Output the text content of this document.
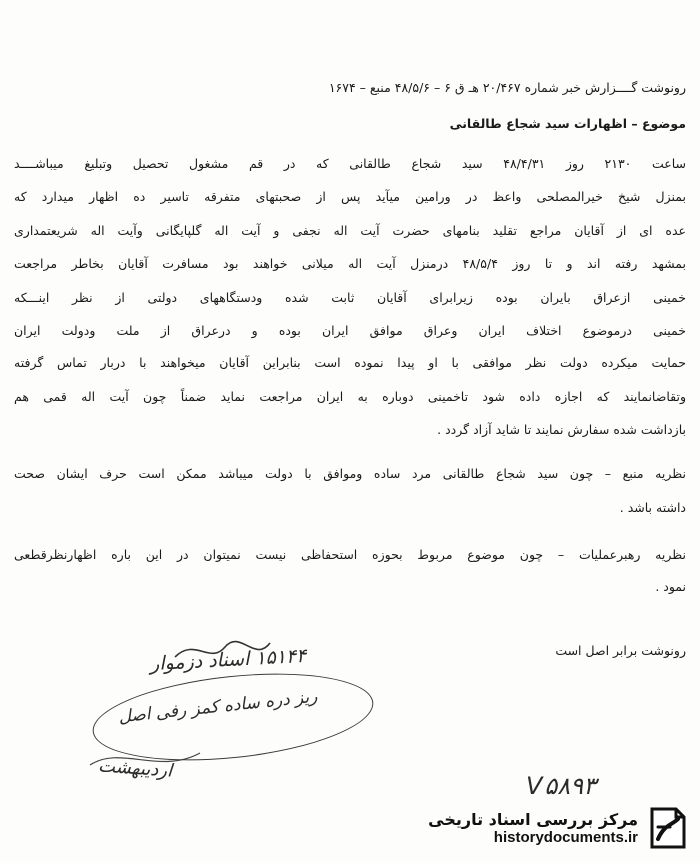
رونوشت گــــزارش خبر شماره ۲۰/۴۶۷ هـ ق ۶ – ۴۸/۵/۶ منبع – ۱۶۷۴
موضوع – اظهارات سید شجاع طالقانی
ساعت ۲۱۳۰ روز ۴۸/۴/۳۱ سید شجاع طالقانی که در قم مشغول تحصیل وتبلیغ میباشــــد
بمنزل شیخ خیرالمصلحی واعظ در ورامین میآید پس از صحبتهای متفرقه تاسیر ده اظهار میدارد که
عده ای از آقایان مراجع تقلید بنامهای حضرت آیت اله نجفی و آیت اله گلپایگانی وآیت اله شریعتمداری
بمشهد رفته اند و تا روز ۴۸/۵/۴ درمنزل آیت اله میلانی خواهند بود مسافرت آقایان بخاطر مراجعت
خمینی ازعراق بایران بوده زیرابرای آقایان ثابت شده ودستگاههای دولتی از نظر اینـــکه
خمینی درموضوع اختلاف ایران وعراق موافق ایران بوده و درعراق از ملت ودولت ایران
حمایت میکرده دولت نظر موافقی با او پیدا نموده است بنابراین آقایان میخواهند با دربار تماس گرفته
وتقاضانمایند که اجازه داده شود تاخمینی دوباره به ایران مراجعت نماید ضمناً چون آیت اله قمی هم
بازداشت شده سفارش نمایند تا شاید آزاد گردد .
نظریه منبع – چون سید شجاع طالقانی مرد ساده وموافق با دولت میباشد ممکن است حرف ایشان صحت
داشته باشد .
نظریه رهبرعملیات – چون موضوع مربوط بحوزه استحفاظی نیست نمیتوان در این باره اظهارنظرقطعی
نمود .
رونوشت برابر اصل است
۱۵۱۴۴ اسناد دزموار
ریز دره ساده کمز رفی اصل
اردیبهشت
V۵۸۹۳
مرکز بررسی اسناد تاریخی
historydocuments.ir
